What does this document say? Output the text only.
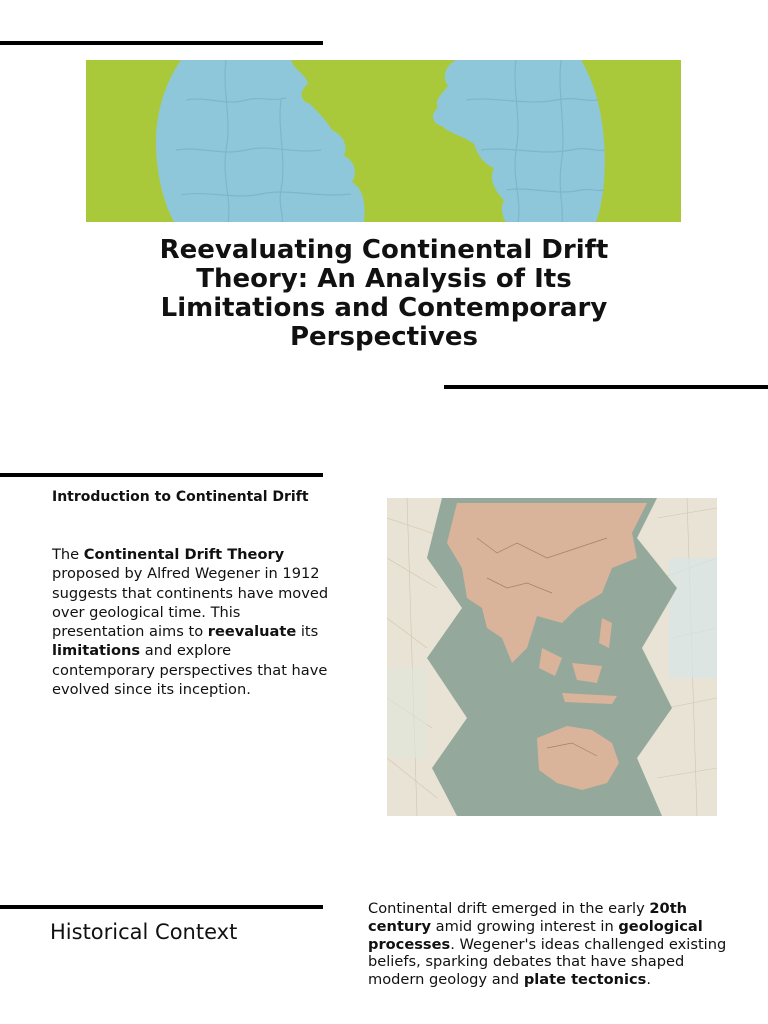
Reevaluating Continental Drift Theory: An Analysis of Its Limitations and Contemporary Perspectives
Introduction to Continental Drift
The Continental Drift Theory proposed by Alfred Wegener in 1912 suggests that continents have moved over geological time. This presentation aims to reevaluate its limitations and explore contemporary perspectives that have evolved since its inception.
Historical Context
Continental drift emerged in the early 20th century amid growing interest in geological processes. Wegener's ideas challenged existing beliefs, sparking debates that have shaped modern geology and plate tectonics.
